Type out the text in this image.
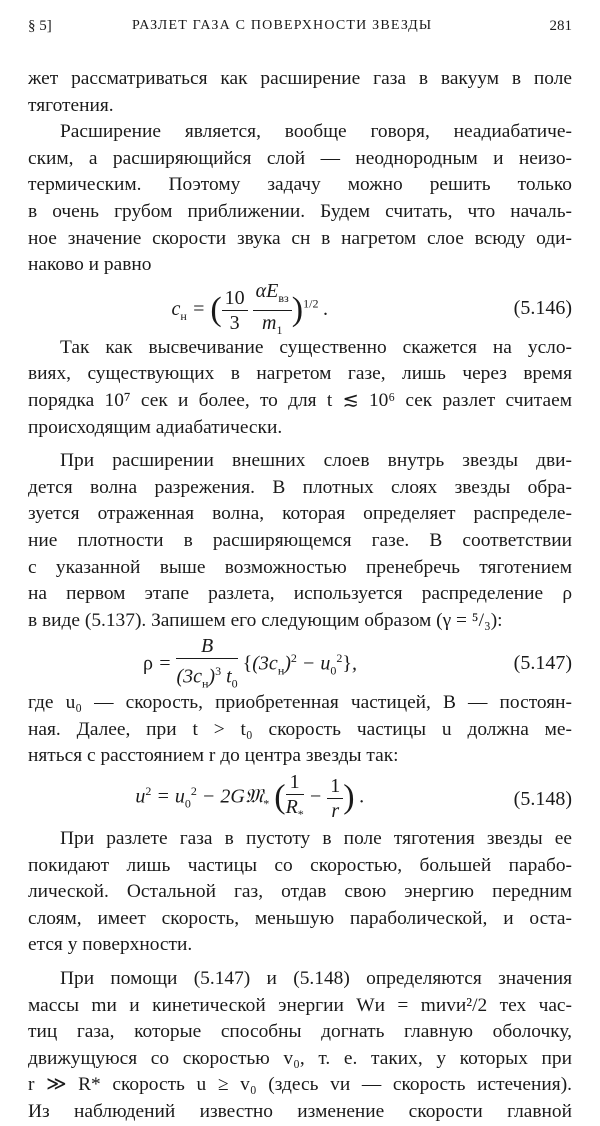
§ 5]	РАЗЛЕТ ГАЗА С ПОВЕРХНОСТИ ЗВЕЗДЫ	281

жет рассматриваться как расширение газа в вакуум в поле

тяготения.

Расширение является, вообще говоря, неадиабатиче-

ским, а расширяющийся слой — неоднородным и неизо-

термическим. Поэтому задачу можно решить только

в очень грубом приближении. Будем считать, что началь-

ное значение скорости звука cн в нагретом слое всюду оди-

наково и равно

$c_н$ = ( $\frac{10}{3}$
$\frac{\alpha E_{вз}}{m_1} )^{1/2}$ .	(5.146)

Так как высвечивание существенно скажется на усло-

виях, существующих в нагретом газе, лишь через время

порядка 10⁷ сек и более, то для t ≲ 10⁶ сек разлет считаем

происходящим адиабатически.

При расширении внешних слоев внутрь звезды дви-

дется волна разрежения. В плотных слоях звезды обра-

зуется отраженная волна, которая определяет распределе-

ние плотности в расширяющемся газе. В соответствии

с указанной выше возможностью пренебречь тяготением

на первом этапе разлета, используется распределение ρ

в виде (5.137). Запишем его следующим образом (γ = ⁵/₃):

$\rho = \frac{B}{(3c_н)^3 t_0} \{(3c_н)^2 - u_0^2\}$,	(5.147)

где u₀ — скорость, приобретенная частицей, B — постоян-

ная. Далее, при t > t₀ скорость частицы u должна ме-

няться с расстоянием r до центра звезды так:

$u^2 = u_0^2$ − 2G𝔐$_*$ ( $\frac{1}{R_*} - \frac{1}{r}$ ) .	(5.148)

При разлете газа в пустоту в поле тяготения звезды ее

покидают лишь частицы со скоростью, большей парабо-

лической. Остальной газ, отдав свою энергию передним

слоям, имеет скорость, меньшую параболической, и оста-

ется у поверхности.

При помощи (5.147) и (5.148) определяются значения

массы mи и кинетической энергии Wи = mиvи²/2 тех час-

тиц газа, которые способны догнать главную оболочку,

движущуюся со скоростью v₀, т. е. таких, у которых при

r ≫ R* скорость u ≥ v₀ (здесь vи — скорость истечения).

Из наблюдений известно изменение скорости главной
